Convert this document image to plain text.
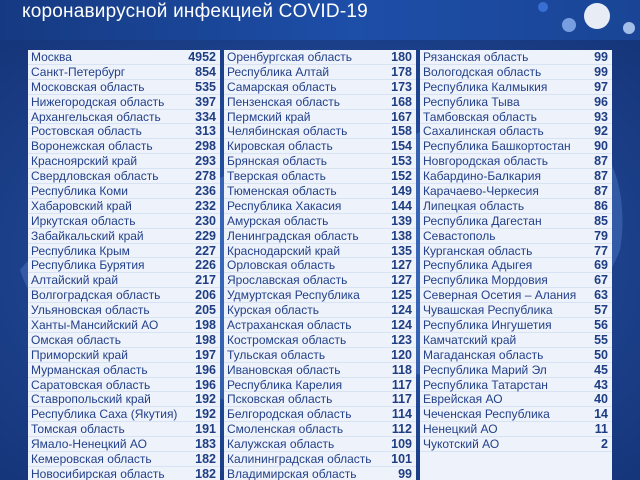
коронавирусной инфекцией COVID-19
Москва	4952
Санкт-Петербург	854
Московская область	535
Нижегородская область 397
Архангельская область	334
Ростовская область	313
Воронежская область	298
Красноярский край	293
Свердловская область	278
Республика Коми	236
Хабаровский край	232
Иркутская область	230
Забайкальский край	229
Республика Крым	227
Республика Бурятия	226
Алтайский край	217
Волгоградская область	206
Ульяновская область	205
Ханты-Мансийский АО	198
Омская область	198
Приморский край	197
Мурманская область	196
Саратовская область	196
Ставропольский край	192
Республика Саха (Якутия) 192
Томская область	191
Ямало-Ненецкий АО	183
Кемеровская область	182
Новосибирская область 182
Оренбургская область	180
Республика Алтай	178
Самарская область	173
Пензенская область	168
Пермский край	167
Челябинская область	158
Кировская область	154
Брянская область	153
Тверская область	152
Тюменская область	149
Республика Хакасия	144
Амурская область	139
Ленинградская область	138
Краснодарский край	135
Орловская область	127
Ярославская область	127
Удмуртская Республика	125
Курская область	124
Астраханская область	124
Костромская область	123
Тульская область	120
Ивановская область	118
Республика Карелия	117
Псковская область	117
Белгородская область	114
Смоленская область	112
Калужская область	109
Калининградская область 101
Владимирская область	99
Рязанская область	99
Вологодская область	99
Республика Калмыкия	97
Республика Тыва	96
Тамбовская область	93
Сахалинская область	92
Республика Башкортостан 90
Новгородская область	87
Кабардино-Балкария	87
Карачаево-Черкесия	87
Липецкая область	86
Республика Дагестан	85
Севастополь	79
Курганская область	77
Республика Адыгея	69
Республика Мордовия	67
Северная Осетия – Алания 63
Чувашская Республика	57
Республика Ингушетия	56
Камчатский край	55
Магаданская область	50
Республика Марий Эл	45
Республика Татарстан	43
Еврейская АО	40
Чеченская Республика	14
Ненецкий АО	11
Чукотский АО	2
